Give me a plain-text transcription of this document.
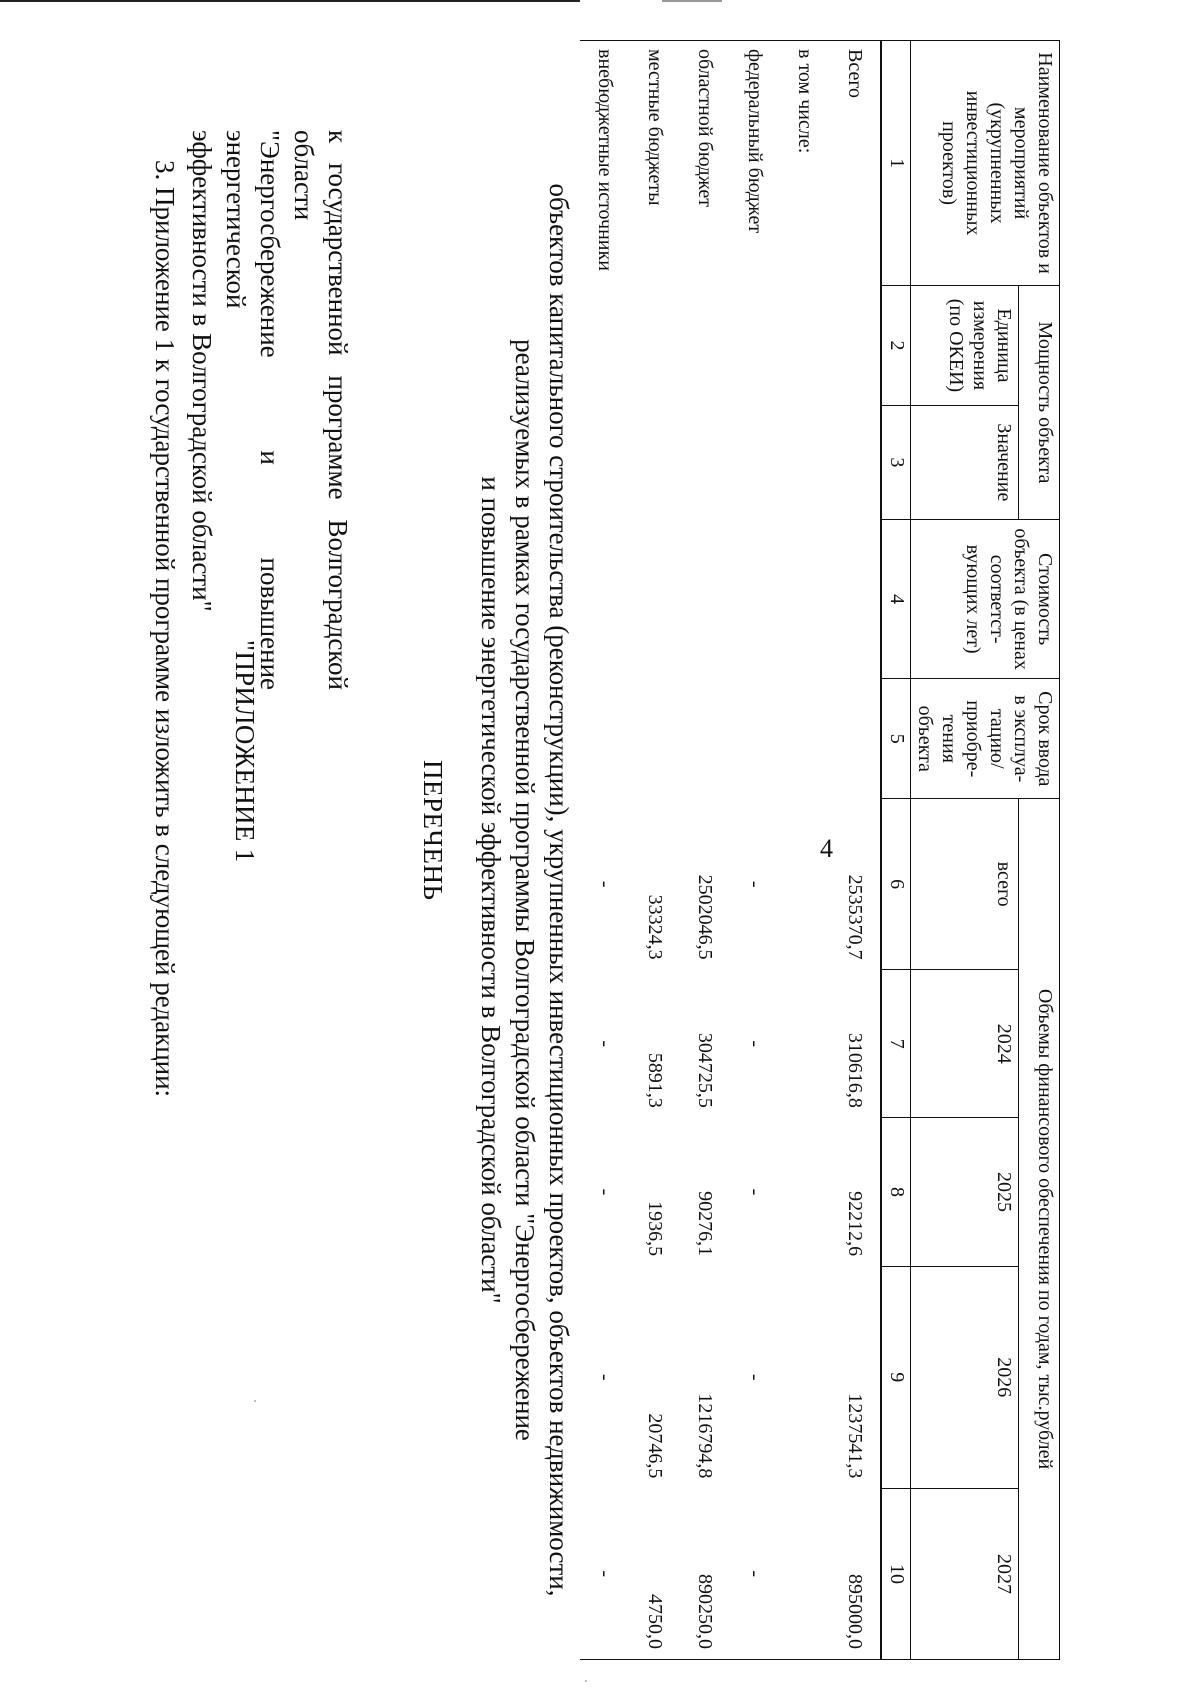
4
3. Приложение 1 к государственной программе изложить в следующей редакции: "ПРИЛОЖЕНИЕ 1
к государственной программе Волгоградской области
"Энергосбережение и повышение энергетической
эффективности в Волгоградской области"
ПЕРЕЧЕНЬ	объектов капитального строительства (реконструкции), укрупненных инвестиционных проектов, объектов недвижимости,
реализуемых в рамках государственной программы Волгоградской области "Энергосбережение
и повышение энергетической эффективности в Волгоградской области"
Наименование объектов и мероприятий (укрупненных инвестиционных проектов)	Мощность объекта		Стоимость объекта (в ценах соответст-вующих лет)	Срок ввода в эксплуа-тацию/ приобре-тения объекта	Объемы финансового обеспечения по годам, тыс.рублей				
	Единица измерения (по ОКЕИ)	Значение			всего	2024	2025	2026	2027
1	2	3	4	5	6	7	8	9	10
Всего					2535370,7	310616,8	92212,6	1237541,3	895000,0
в том числе:									
федеральный бюджет					-	-	-	-	-
областной бюджет					2502046,5	304725,5	90276,1	1216794,8	890250,0
местные бюджеты					33324,3	5891,3	1936,5	20746,5	4750,0
внебюджетные источники					-	-	-	-	-
